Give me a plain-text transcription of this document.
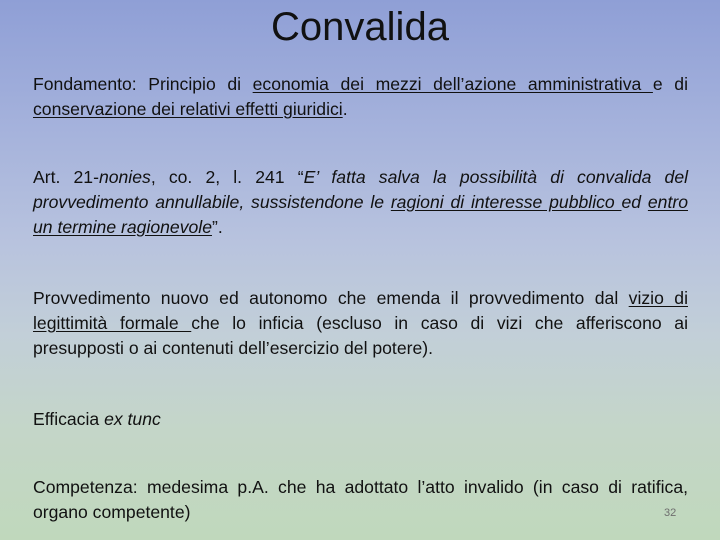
Convalida
Fondamento: Principio di economia dei mezzi dell’azione amministrativa e di conservazione dei relativi effetti giuridici.
Art. 21-nonies, co. 2, l. 241 “E’ fatta salva la possibilità di convalida del provvedimento annullabile, sussistendone le ragioni di interesse pubblico ed entro un termine ragionevole”.
Provvedimento nuovo ed autonomo che emenda il provvedimento dal vizio di legittimità formale che lo inficia (escluso in caso di vizi che afferiscono ai presupposti o ai contenuti dell’esercizio del potere).
Efficacia ex tunc
Competenza: medesima p.A. che ha adottato l’atto invalido (in caso di ratifica, organo competente)	32
